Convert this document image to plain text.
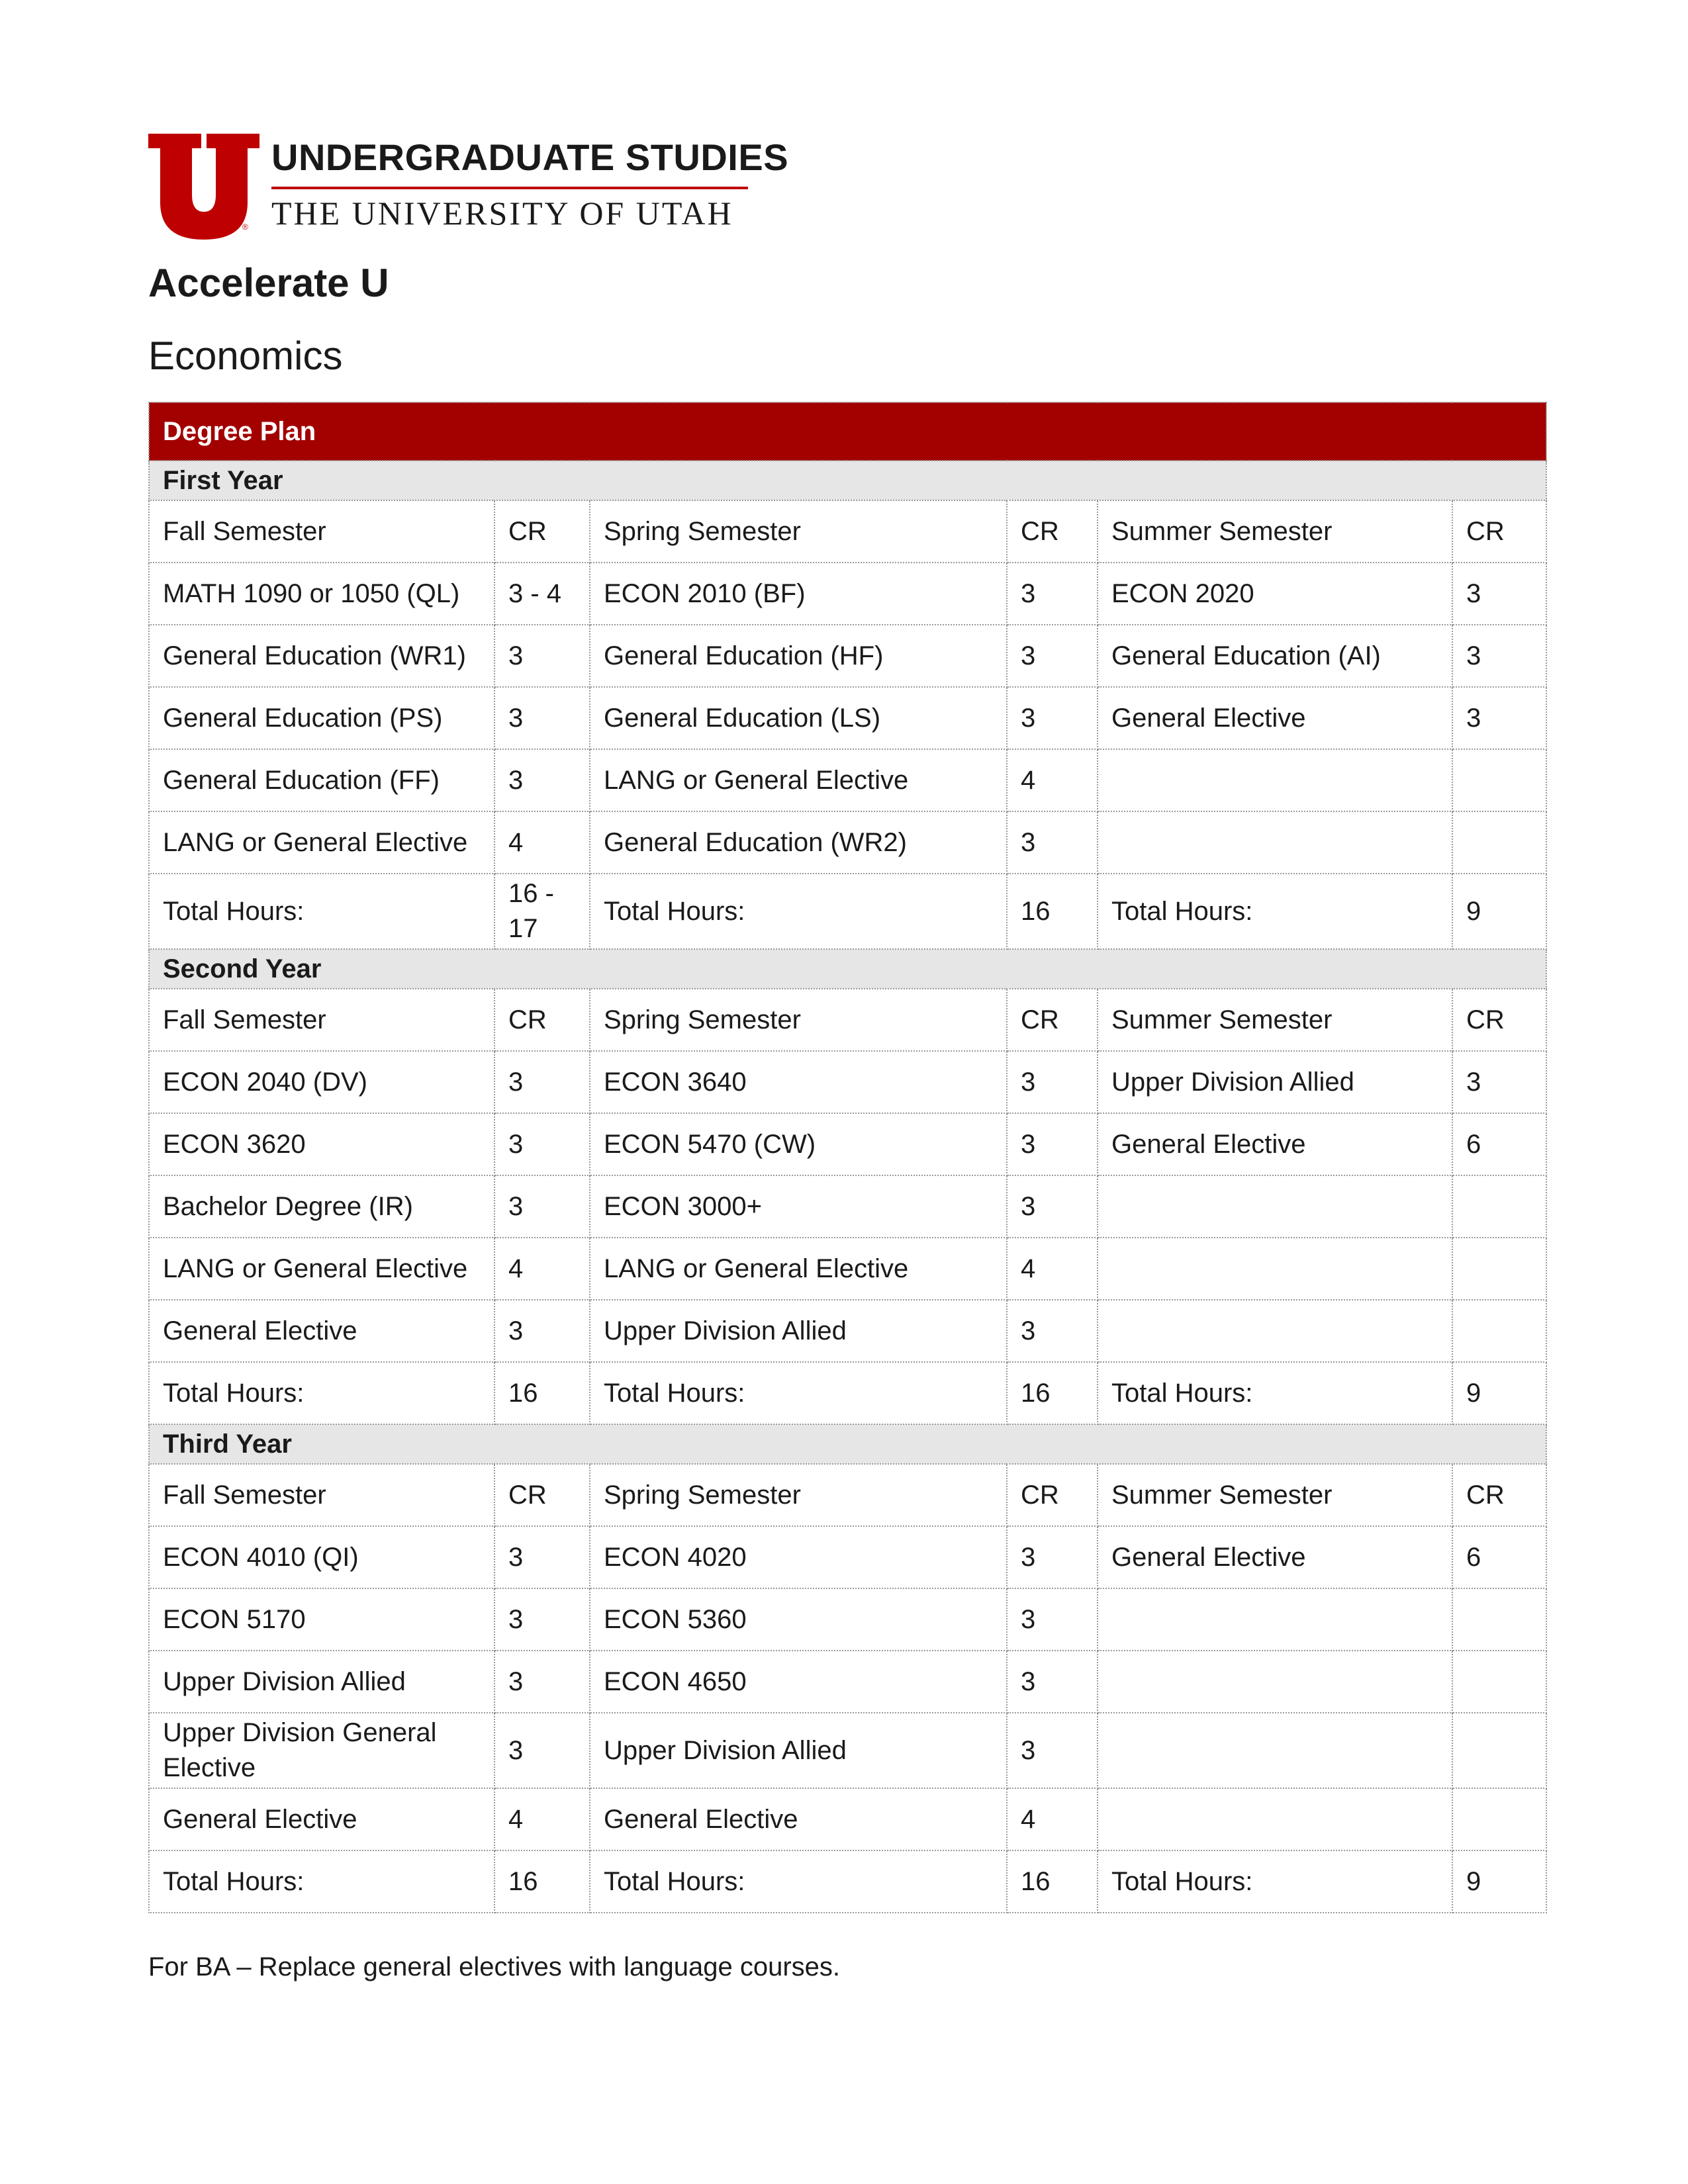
®
UNDERGRADUATE STUDIES
THE UNIVERSITY OF UTAH
Accelerate U
Economics
Degree Plan					
First Year					
Fall Semester	CR	Spring Semester	CR	Summer Semester	CR
MATH 1090 or 1050 (QL)	3 - 4	ECON 2010 (BF)	3	ECON 2020	3
General Education (WR1)	3	General Education (HF)	3	General Education (AI)	3
General Education (PS)	3	General Education (LS)	3	General Elective	3
General Education (FF)	3	LANG or General Elective	4		
LANG or General Elective	4	General Education (WR2)	3		
Total Hours:	16 - 17	Total Hours:	16	Total Hours:	9
Second Year					
Fall Semester	CR	Spring Semester	CR	Summer Semester	CR
ECON 2040 (DV)	3	ECON 3640	3	Upper Division Allied	3
ECON 3620	3	ECON 5470 (CW)	3	General Elective	6
Bachelor Degree (IR)	3	ECON 3000+	3		
LANG or General Elective	4	LANG or General Elective	4		
General Elective	3	Upper Division Allied	3		
Total Hours:	16	Total Hours:	16	Total Hours:	9
Third Year					
Fall Semester	CR	Spring Semester	CR	Summer Semester	CR
ECON 4010 (QI)	3	ECON 4020	3	General Elective	6
ECON 5170	3	ECON 5360	3		
Upper Division Allied	3	ECON 4650	3		
Upper Division General Elective	3	Upper Division Allied	3		
General Elective	4	General Elective	4		
Total Hours:	16	Total Hours:	16	Total Hours:	9
For BA – Replace general electives with language courses.
